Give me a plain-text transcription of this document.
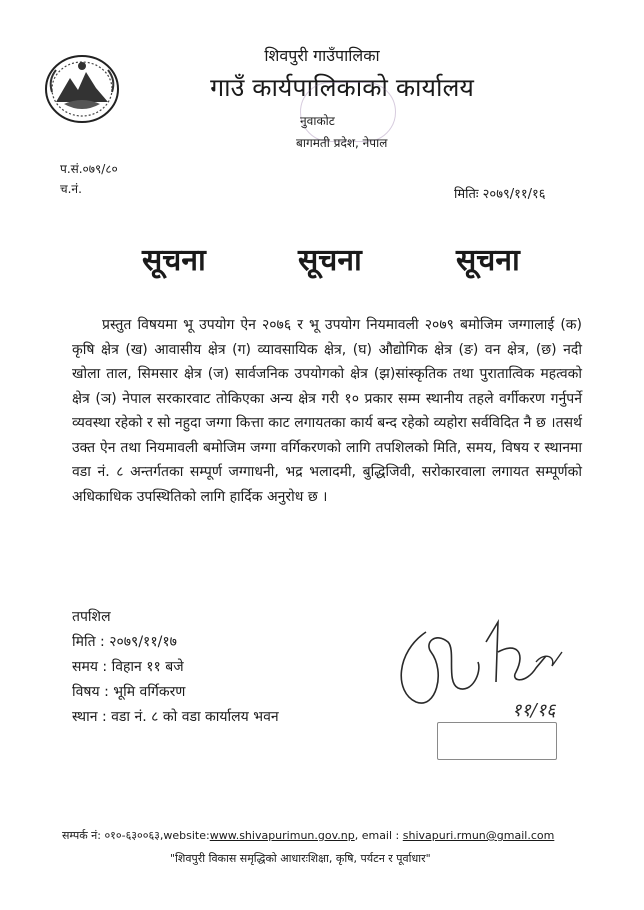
शिवपुरी गाउँपालिका
गाउँ कार्यपालिकाको कार्यालय
नुवाकोट
बागमती प्रदेश, नेपाल
प.सं.०७९/८०
च.नं.	मितिः २०७९/११/१६
सूचना	सूचना	सूचना

प्रस्तुत विषयमा भू उपयोग ऐन २०७६ र भू उपयोग नियमावली २०७९ बमोजिम जग्गालाई (क) कृषि क्षेत्र (ख) आवासीय क्षेत्र (ग) व्यावसायिक क्षेत्र, (घ) औद्योगिक क्षेत्र (ङ) वन क्षेत्र, (छ) नदी खोला ताल, सिमसार क्षेत्र (ज) सार्वजनिक उपयोगको क्षेत्र (झ)सांस्कृतिक तथा पुरातात्विक महत्वको क्षेत्र (ञ) नेपाल सरकारवाट तोकिएका अन्य क्षेत्र गरी १० प्रकार सम्म स्थानीय तहले वर्गीकरण गर्नुपर्ने व्यवस्था रहेको र सो नहुदा जग्गा कित्ता काट लगायतका कार्य बन्द रहेको व्यहोरा सर्वविदित नै छ ।तसर्थ उक्त ऐन तथा नियमावली बमोजिम जग्गा वर्गिकरणको लागि तपशिलको मिति, समय, विषय र स्थानमा वडा नं. ८ अन्तर्गतका सम्पूर्ण जग्गाधनी, भद्र भलादमी, बुद्धिजिवी, सरोकारवाला लगायत सम्पूर्णको अधिकाधिक उपस्थितिको लागि हार्दिक अनुरोध छ ।

तपशिल
मिति : २०७९/११/१७
समय : विहान ११ बजे
विषय : भूमि वर्गिकरण
स्थान : वडा नं. ८ को वडा कार्यालय भवन	११/१६
सम्पर्क नं: ०१०-६३००६३,website:www.shivapurimun.gov.np, email : shivapuri.rmun@gmail.com
"शिवपुरी विकास समृद्धिको आधारःशिक्षा, कृषि, पर्यटन र पूर्वाधार"
